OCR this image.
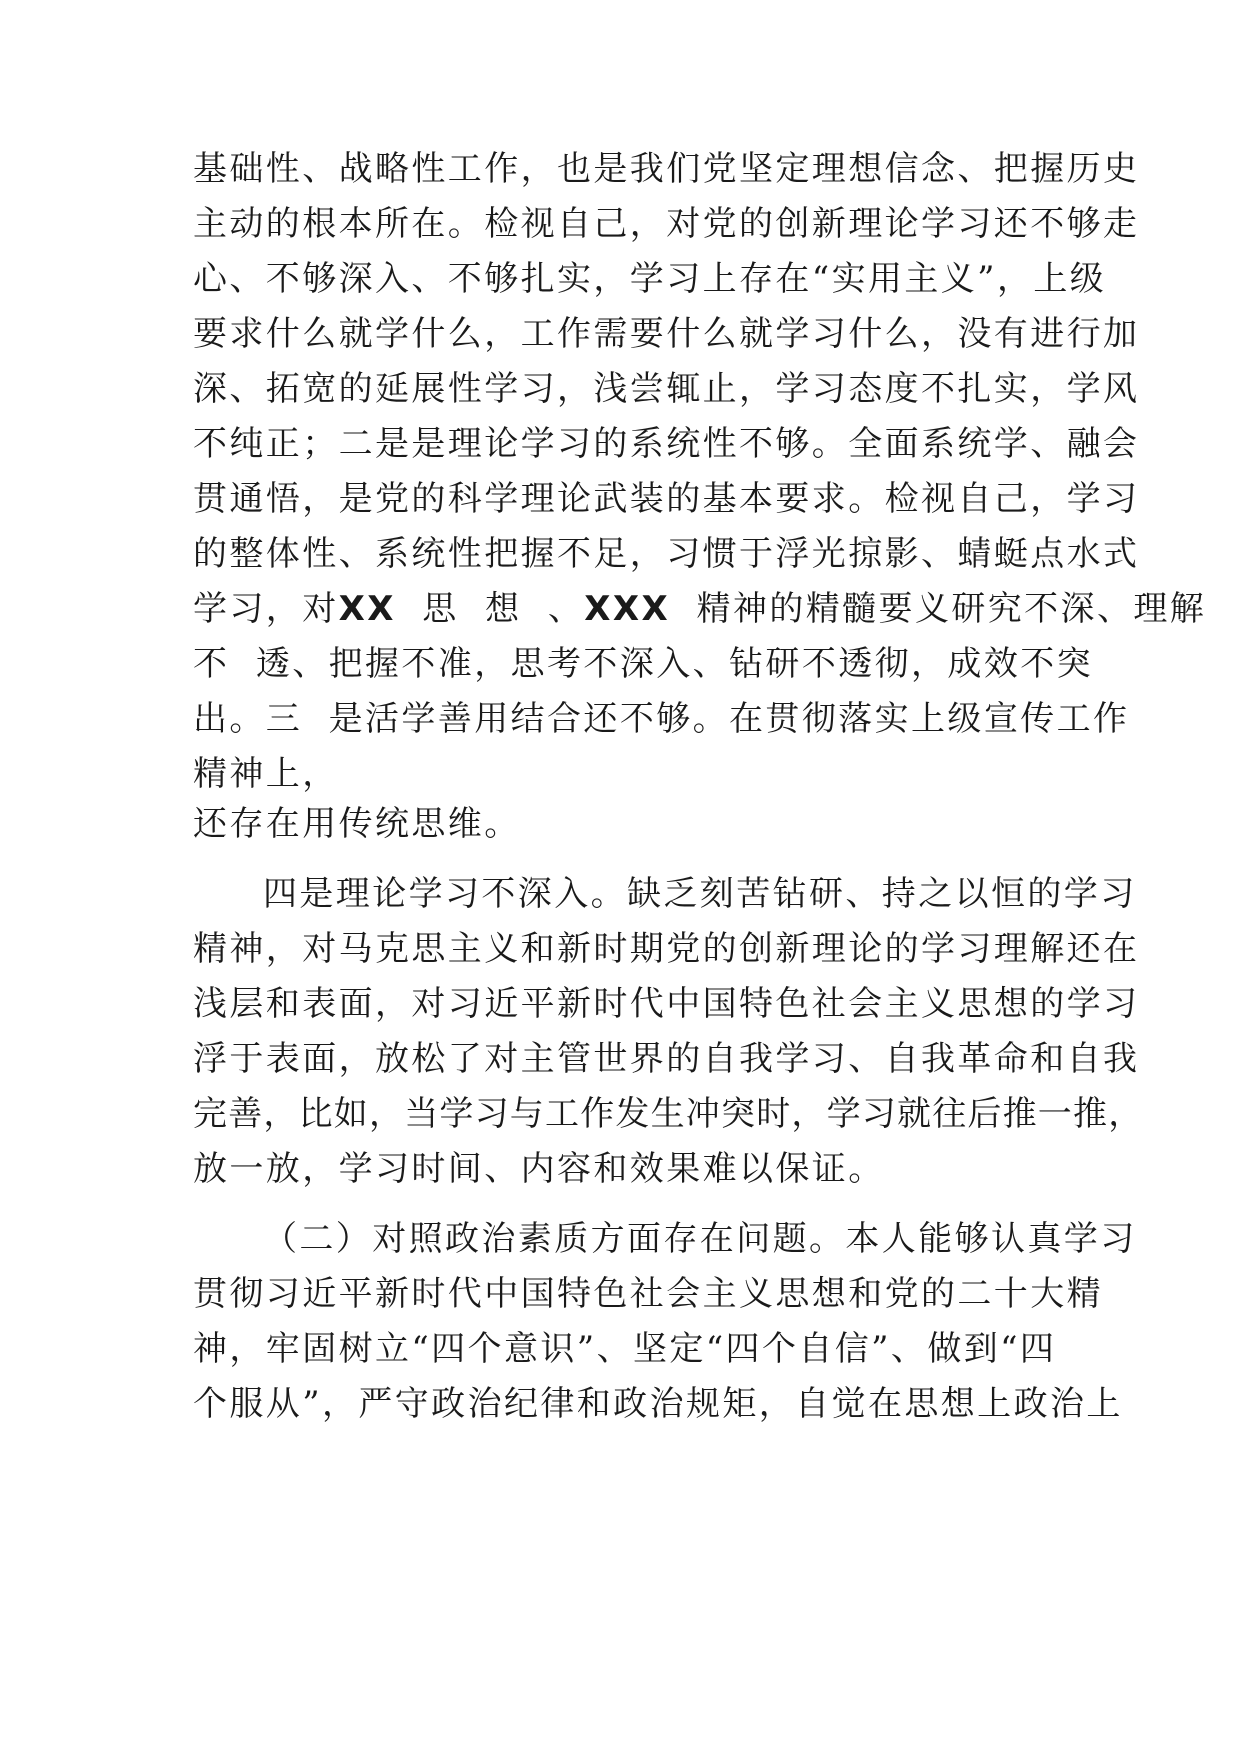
基础性、战略性工作，也是我们党坚定理想信念、把握历史
主动的根本所在。检视自己，对党的创新理论学习还不够走
心、不够深入、不够扎实，学习上存在“实用主义”，上级
要求什么就学什么，工作需要什么就学习什么，没有进行加
深、拓宽的延展性学习，浅尝辄止，学习态度不扎实，学风
不纯正；二是是理论学习的系统性不够。全面系统学、融会
贯通悟，是党的科学理论武装的基本要求。检视自己，学习
的整体性、系统性把握不足，习惯于浮光掠影、蜻蜓点水式
学习，对XX  思  想  、XXX  精神的精髓要义研究不深、理解
不  透、把握不准，思考不深入、钻研不透彻，成效不突
出。三  是活学善用结合还不够。在贯彻落实上级宣传工作
精神上，
还存在用传统思维。
四是理论学习不深入。缺乏刻苦钻研、持之以恒的学习
精神，对马克思主义和新时期党的创新理论的学习理解还在
浅层和表面，对习近平新时代中国特色社会主义思想的学习
浮于表面，放松了对主管世界的自我学习、自我革命和自我
完善，比如，当学习与工作发生冲突时，学习就往后推一推，
放一放，学习时间、内容和效果难以保证。
（二）对照政治素质方面存在问题。本人能够认真学习
贯彻习近平新时代中国特色社会主义思想和党的二十大精
神，牢固树立“四个意识”、坚定“四个自信”、做到“四
个服从”，严守政治纪律和政治规矩，自觉在思想上政治上
